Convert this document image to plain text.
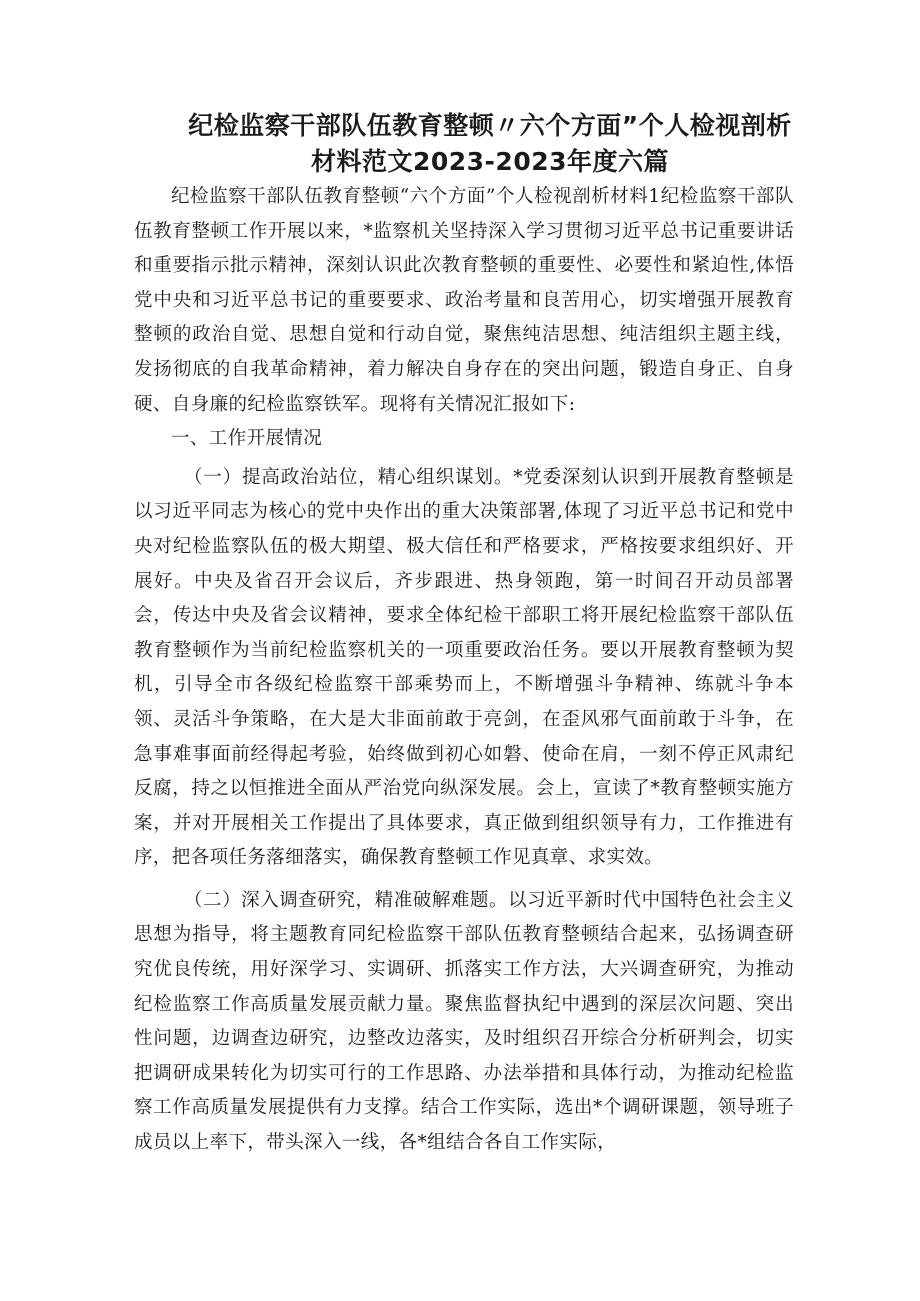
纪检监察干部队伍教育整顿〃六个方面”个人检视剖析
材料范文2023-2023年度六篇

纪检监察干部队伍教育整顿“六个方面”个人检视剖析材料1纪检监察干部队伍教育整顿工作开展以来，*监察机关坚持深入学习贯彻习近平总书记重要讲话和重要指示批示精神，深刻认识此次教育整顿的重要性、必要性和紧迫性,体悟党中央和习近平总书记的重要要求、政治考量和良苦用心，切实增强开展教育整顿的政治自觉、思想自觉和行动自觉，聚焦纯洁思想、纯洁组织主题主线，发扬彻底的自我革命精神，着力解决自身存在的突出问题，锻造自身正、自身硬、自身廉的纪检监察铁军。现将有关情况汇报如下:

一、工作开展情况

（一）提高政治站位，精心组织谋划。*党委深刻认识到开展教育整顿是以习近平同志为核心的党中央作出的重大决策部署,体现了习近平总书记和党中央对纪检监察队伍的极大期望、极大信任和严格要求，严格按要求组织好、开展好。中央及省召开会议后，齐步跟进、热身领跑，第一时间召开动员部署会，传达中央及省会议精神，要求全体纪检干部职工将开展纪检监察干部队伍教育整顿作为当前纪检监察机关的一项重要政治任务。要以开展教育整顿为契机，引导全市各级纪检监察干部乘势而上，不断增强斗争精神、练就斗争本领、灵活斗争策略，在大是大非面前敢于亮剑，在歪风邪气面前敢于斗争，在急事难事面前经得起考验，始终做到初心如磐、使命在肩，一刻不停正风肃纪反腐，持之以恒推进全面从严治党向纵深发展。会上，宣读了*教育整顿实施方案，并对开展相关工作提出了具体要求，真正做到组织领导有力，工作推进有序，把各项任务落细落实，确保教育整顿工作见真章、求实效。

（二）深入调查研究，精准破解难题。以习近平新时代中国特色社会主义思想为指导，将主题教育同纪检监察干部队伍教育整顿结合起来，弘扬调查研究优良传统，用好深学习、实调研、抓落实工作方法，大兴调查研究，为推动纪检监察工作高质量发展贡献力量。聚焦监督执纪中遇到的深层次问题、突出性问题，边调查边研究，边整改边落实，及时组织召开综合分析研判会，切实把调研成果转化为切实可行的工作思路、办法举措和具体行动，为推动纪检监察工作高质量发展提供有力支撑。结合工作实际，选出*个调研课题，领导班子成员以上率下，带头深入一线，各*组结合各自工作实际，
